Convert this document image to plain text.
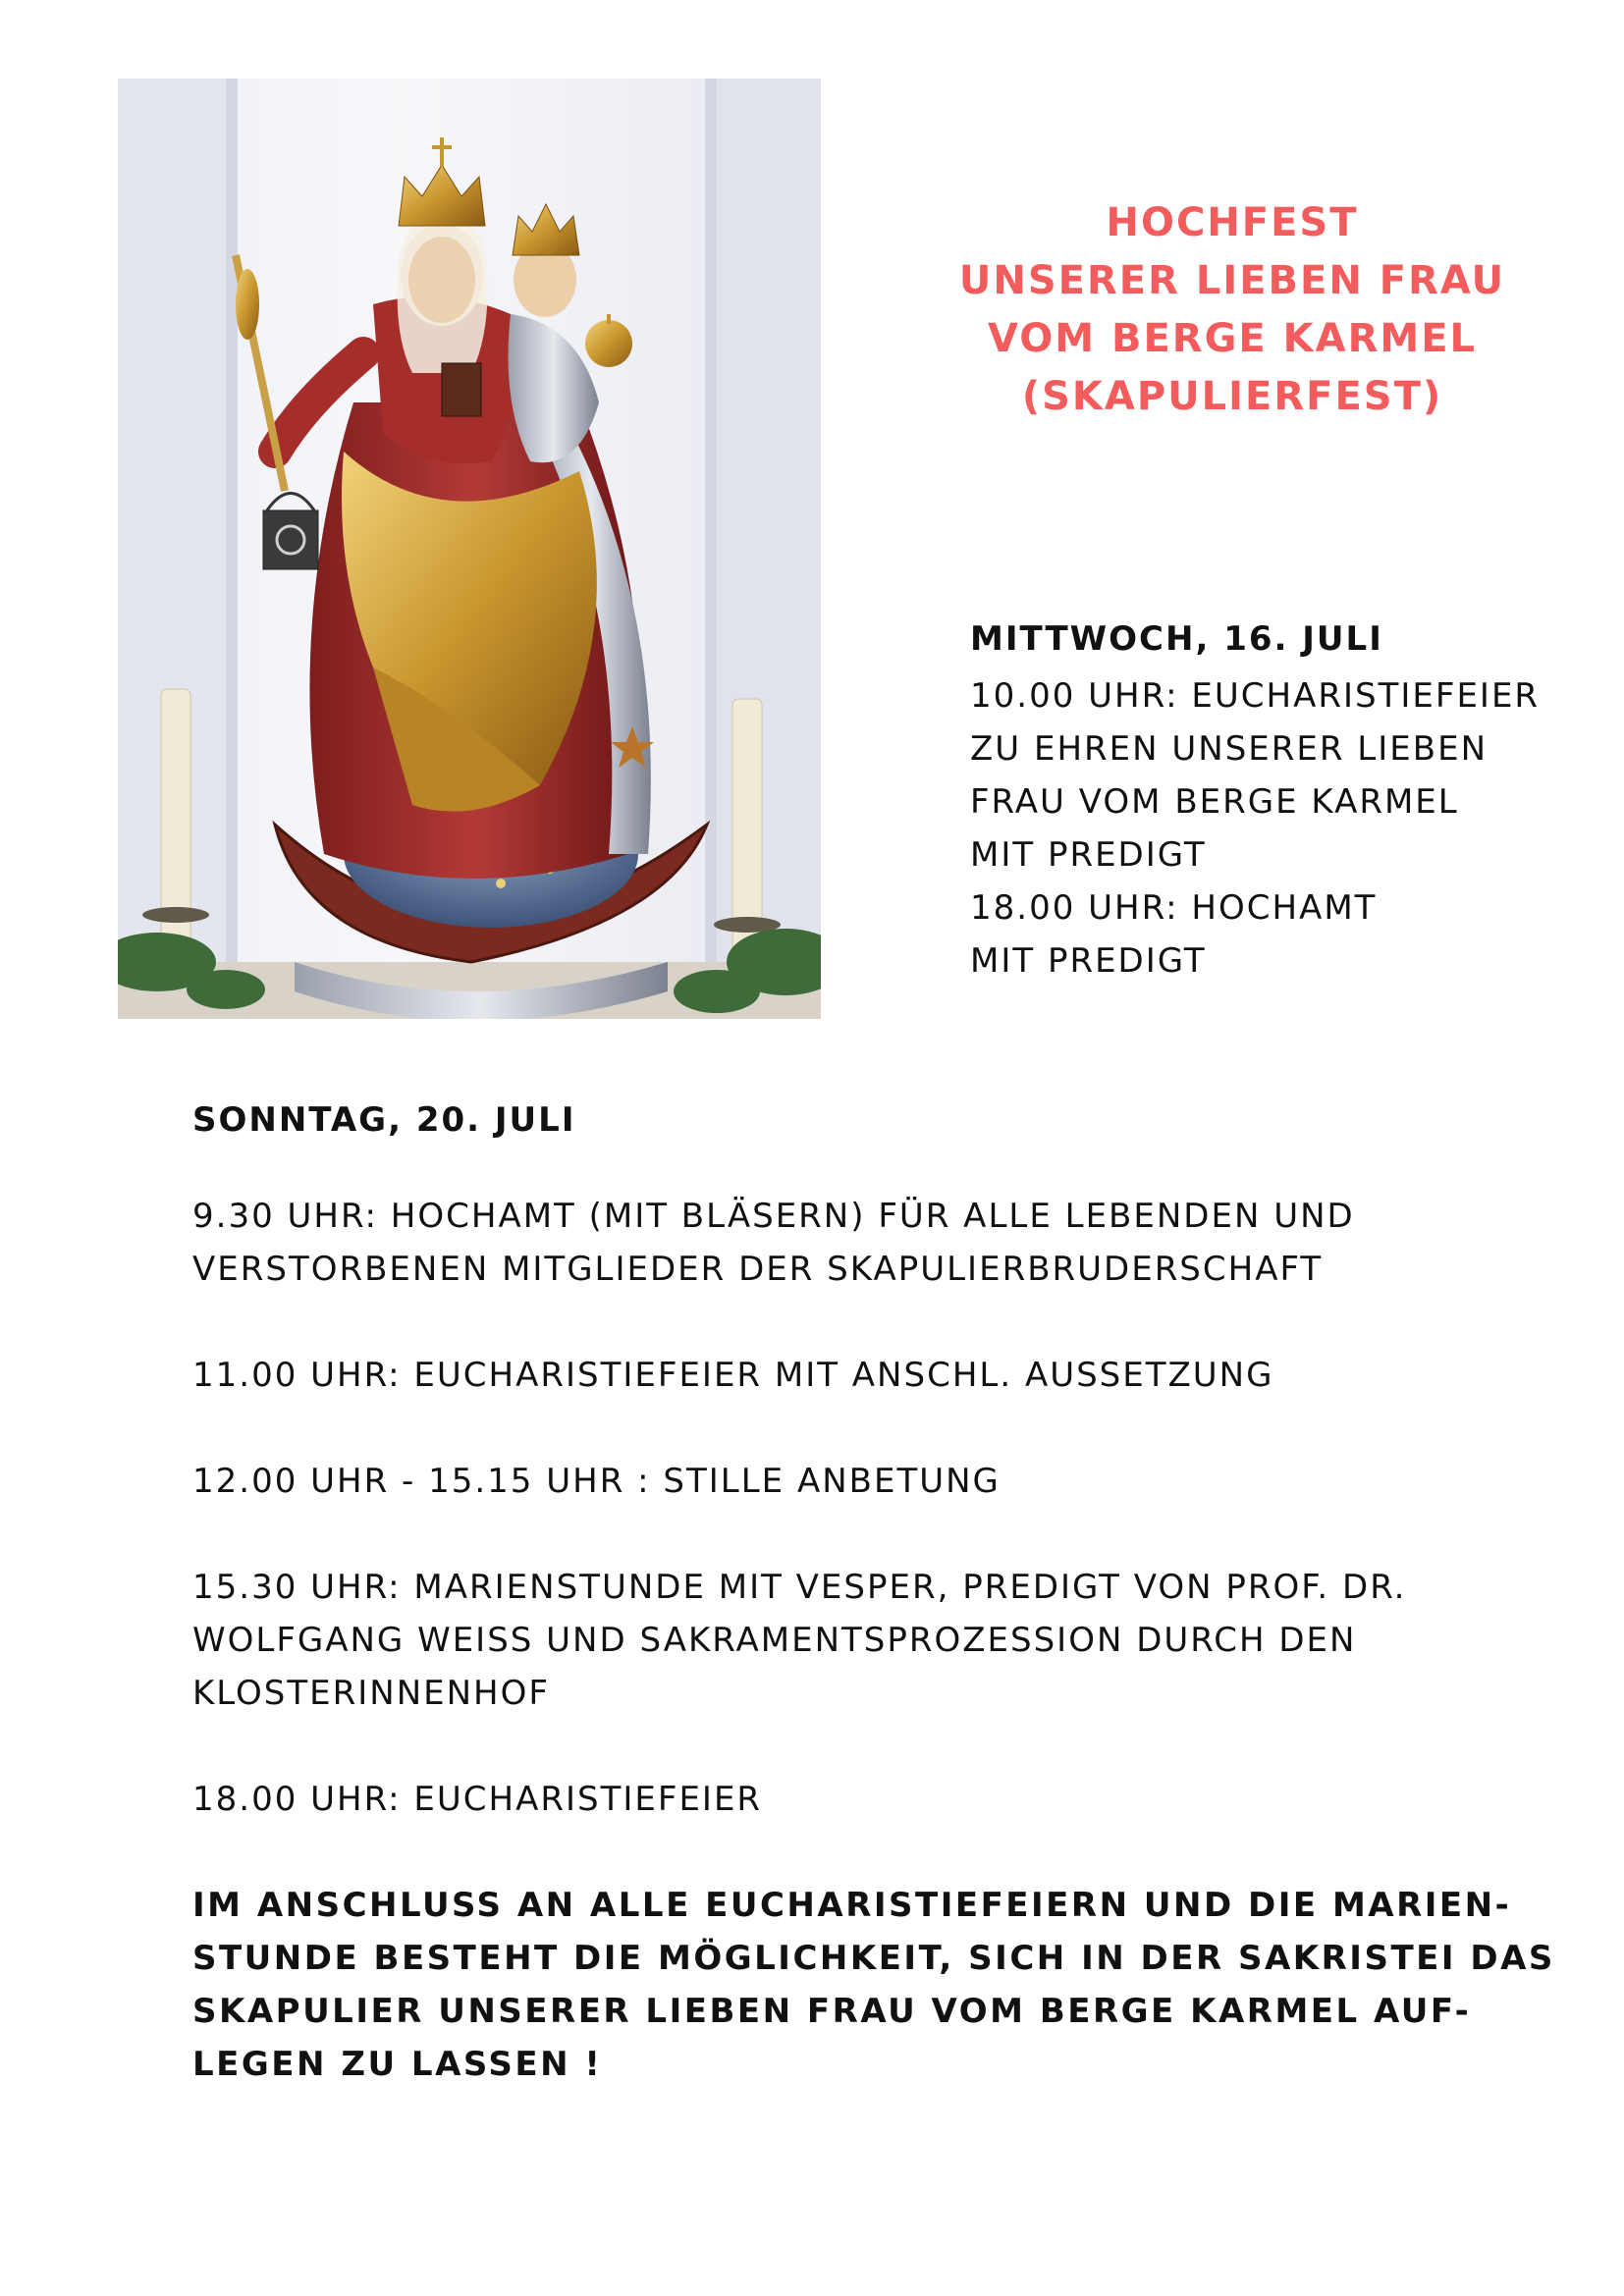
HOCHFEST
UNSERER LIEBEN FRAU
VOM BERGE KARMEL
(SKAPULIERFEST)
MITTWOCH, 16. JULI
10.00 UHR: EUCHARISTIEFEIER
ZU EHREN UNSERER LIEBEN
FRAU VOM BERGE KARMEL
MIT PREDIGT
18.00 UHR: HOCHAMT
MIT PREDIGT
SONNTAG, 20. JULI
9.30 UHR: HOCHAMT (MIT BLÄSERN) FÜR ALLE LEBENDEN UND
VERSTORBENEN MITGLIEDER DER SKAPULIERBRUDERSCHAFT
11.00 UHR: EUCHARISTIEFEIER MIT ANSCHL. AUSSETZUNG
12.00 UHR - 15.15 UHR : STILLE ANBETUNG
15.30 UHR: MARIENSTUNDE MIT VESPER, PREDIGT VON PROF. DR.
WOLFGANG WEISS UND SAKRAMENTSPROZESSION DURCH DEN
KLOSTERINNENHOF
18.00 UHR: EUCHARISTIEFEIER
IM ANSCHLUSS AN ALLE EUCHARISTIEFEIERN UND DIE MARIEN-
STUNDE BESTEHT DIE MÖGLICHKEIT, SICH IN DER SAKRISTEI DAS
SKAPULIER UNSERER LIEBEN FRAU VOM BERGE KARMEL AUF-
LEGEN ZU LASSEN !
